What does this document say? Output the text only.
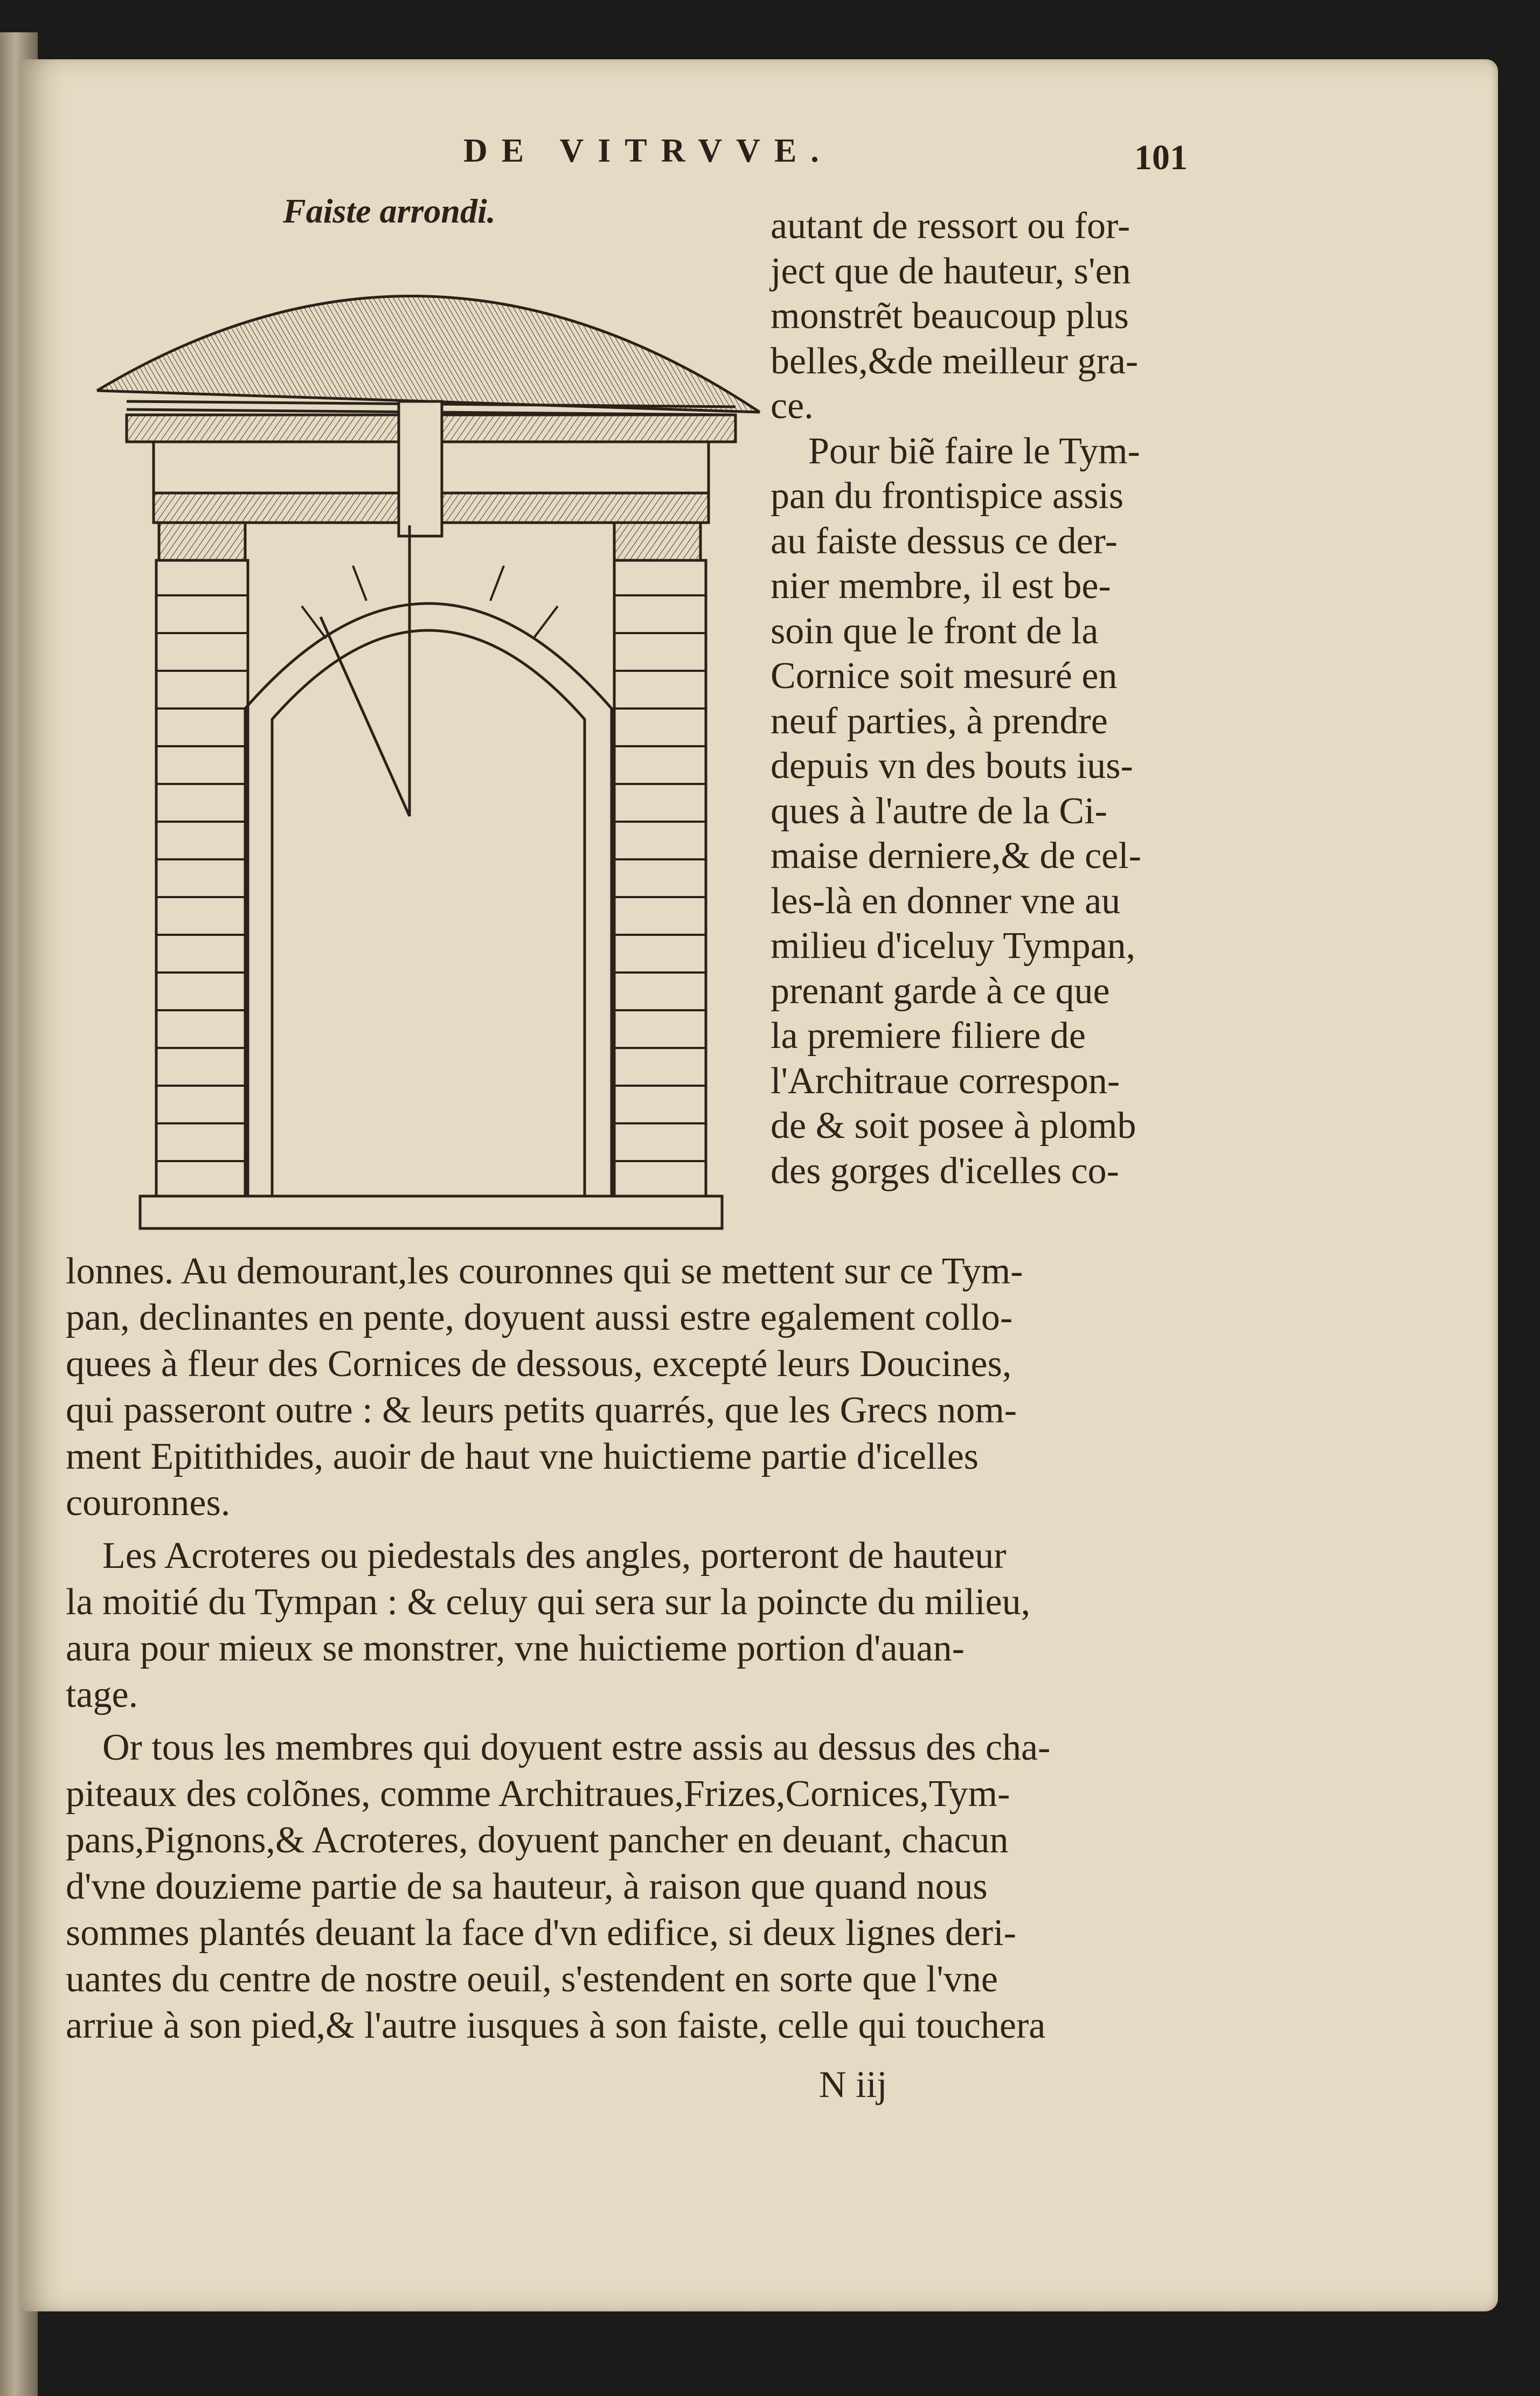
DE VITRVVE.	101
Faiste arrondi.	autant de ressort ou for-
ject que de hauteur, s'en
monstrẽt beaucoup plus
belles,&de meilleur gra-
ce.
Pour biẽ faire le Tym-
pan du frontispice assis
au faiste dessus ce der-
nier membre, il est be-
soin que le front de la
Cornice soit mesuré en
neuf parties, à prendre
depuis vn des bouts ius-
ques à l'autre de la Ci-
maise derniere,& de cel-
les-là en donner vne au
milieu d'iceluy Tympan,
prenant garde à ce que
la premiere filiere de
l'Architraue correspon-
de & soit posee à plomb
des gorges d'icelles co-
lonnes. Au demourant,les couronnes qui se mettent sur ce Tym-
pan, declinantes en pente, doyuent aussi estre egalement collo-
quees à fleur des Cornices de dessous, excepté leurs Doucines,
qui passeront outre : & leurs petits quarrés, que les Grecs nom-
ment Epitithides, auoir de haut vne huictieme partie d'icelles
couronnes.
Les Acroteres ou piedestals des angles, porteront de hauteur
la moitié du Tympan : & celuy qui sera sur la poincte du milieu,
aura pour mieux se monstrer, vne huictieme portion d'auan-
tage.
Or tous les membres qui doyuent estre assis au dessus des cha-
piteaux des colõnes, comme Architraues,Frizes,Cornices,Tym-
pans,Pignons,& Acroteres, doyuent pancher en deuant, chacun
d'vne douzieme partie de sa hauteur, à raison que quand nous
sommes plantés deuant la face d'vn edifice, si deux lignes deri-
uantes du centre de nostre oeuil, s'estendent en sorte que l'vne
arriue à son pied,& l'autre iusques à son faiste, celle qui touchera
N iij
